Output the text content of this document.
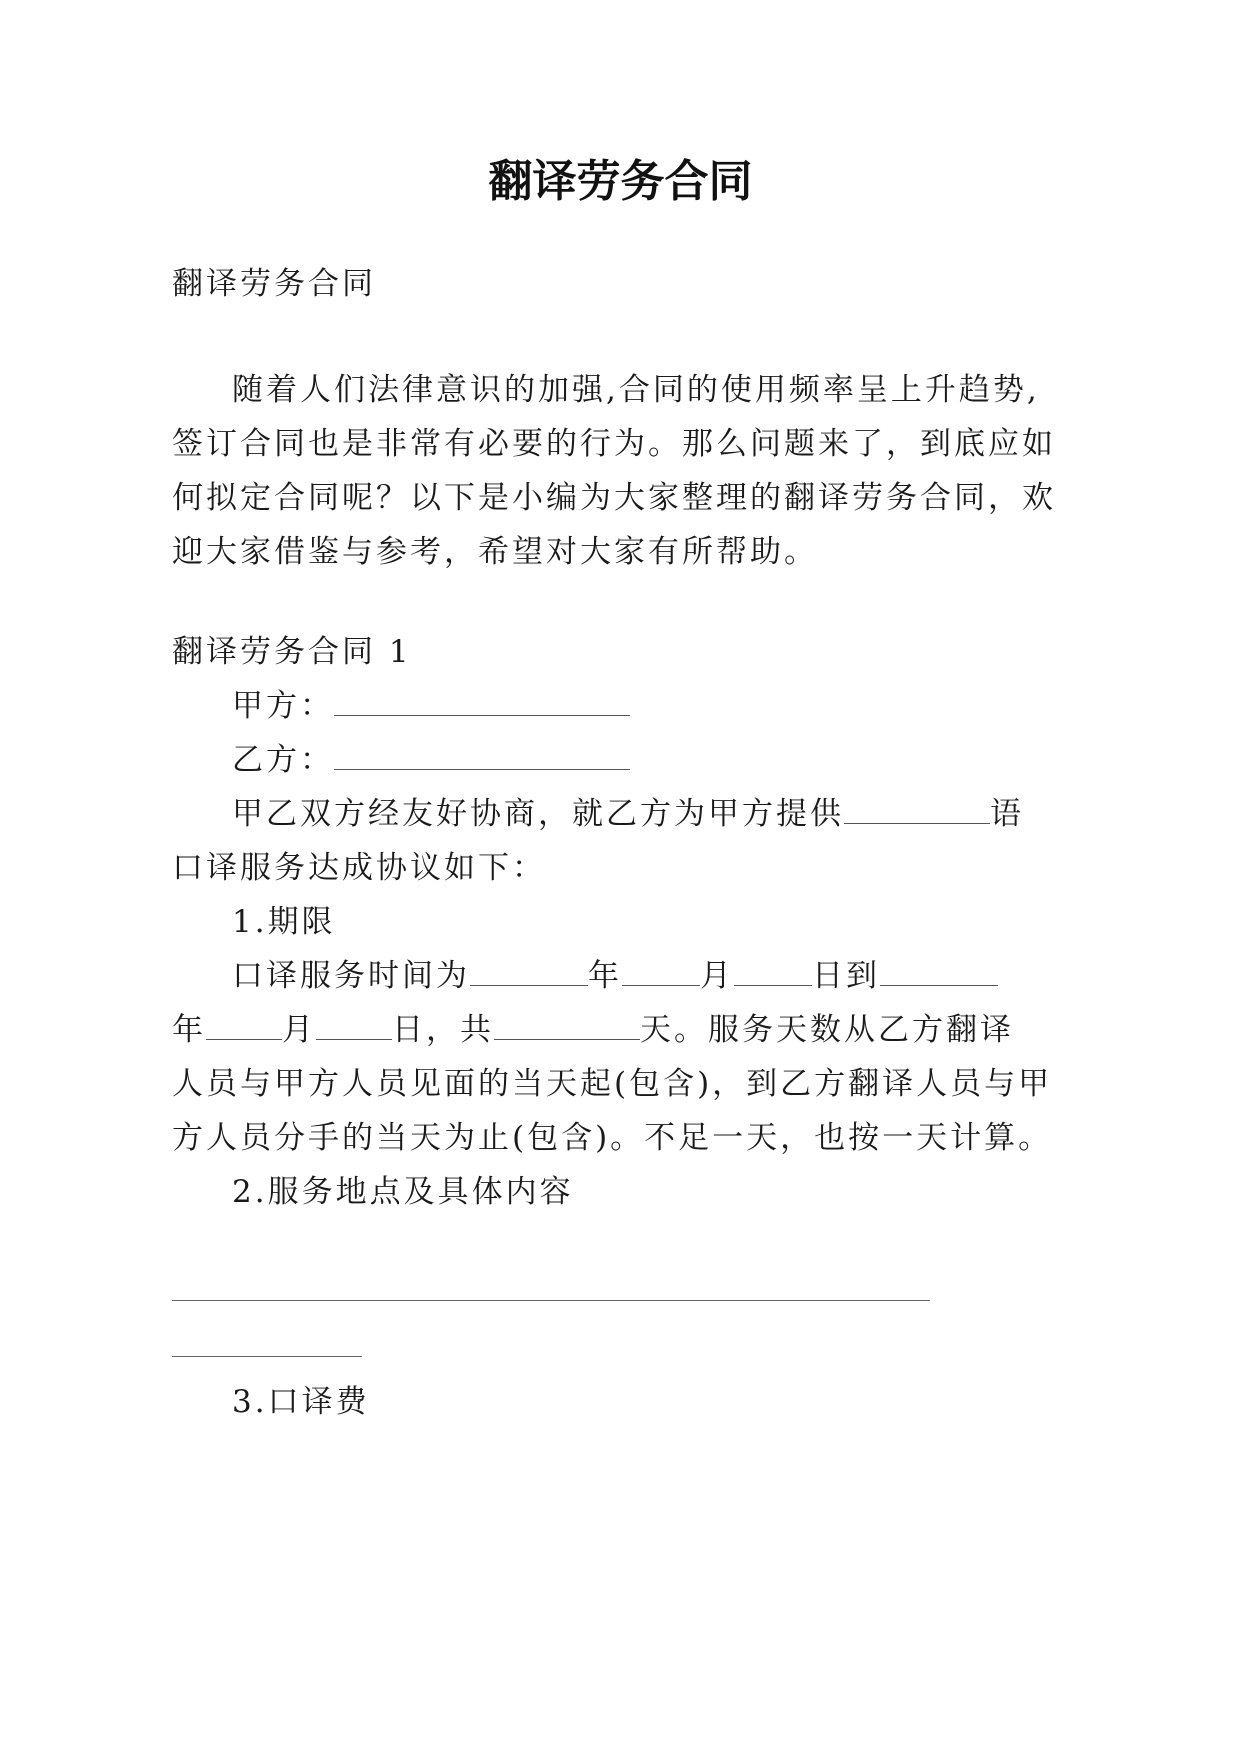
翻译劳务合同
翻译劳务合同
随着人们法律意识的加强,合同的使用频率呈上升趋势,
签订合同也是非常有必要的行为。那么问题来了，到底应如
何拟定合同呢？以下是小编为大家整理的翻译劳务合同，欢
迎大家借鉴与参考，希望对大家有所帮助。
翻译劳务合同 1
甲方：
乙方：
甲乙双方经友好协商，就乙方为甲方提供	语
口译服务达成协议如下：
1.期限
口译服务时间为	年	月	日到
年 月 日，共	天。服务天数从乙方翻译
人员与甲方人员见面的当天起(包含)，到乙方翻译人员与甲
方人员分手的当天为止(包含)。不足一天，也按一天计算。
2.服务地点及具体内容
3.口译费
